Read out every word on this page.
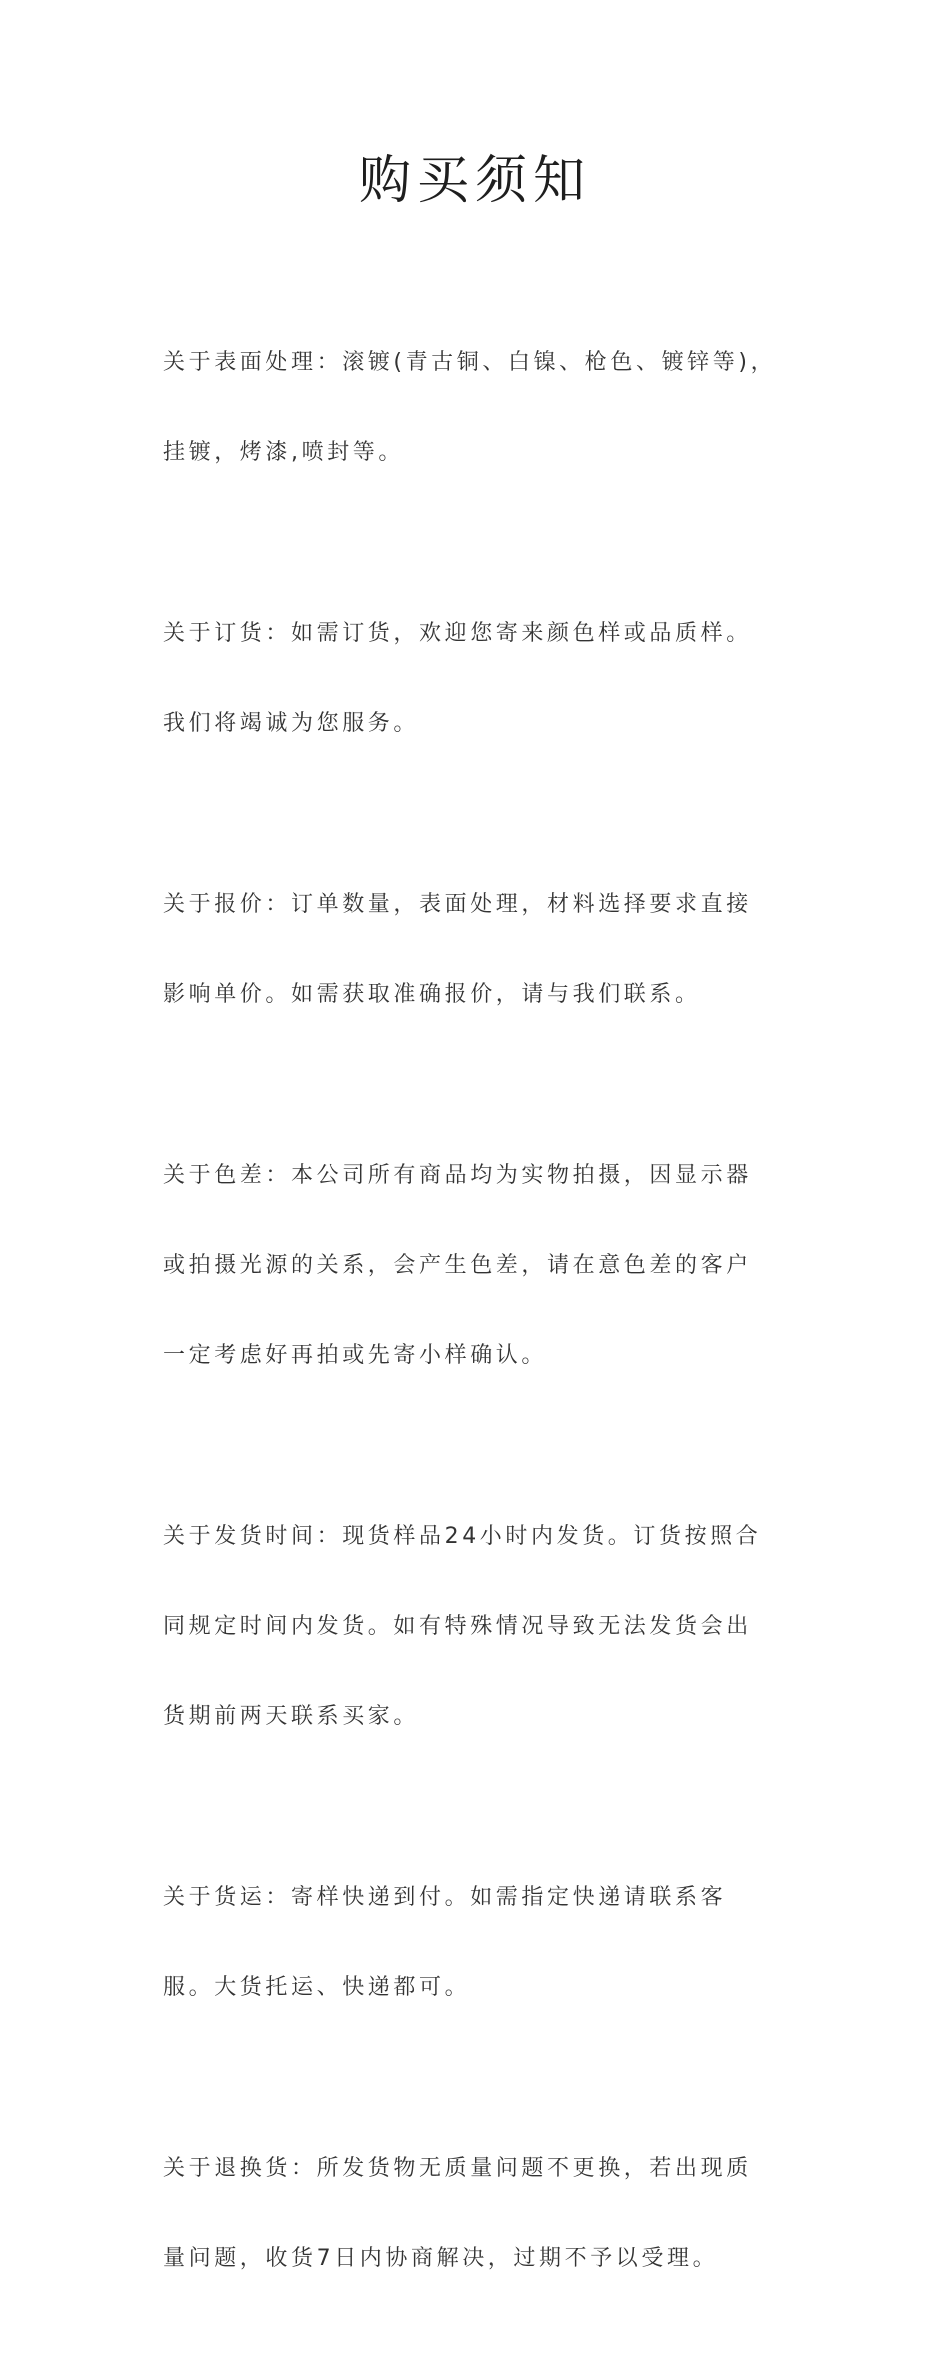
购买须知

关于表面处理：滚镀(青古铜、白镍、枪色、镀锌等)，

挂镀，烤漆,喷封等。

关于订货：如需订货，欢迎您寄来颜色样或品质样。

我们将竭诚为您服务。

关于报价：订单数量，表面处理，材料选择要求直接

影响单价。如需获取准确报价，请与我们联系。

关于色差：本公司所有商品均为实物拍摄，因显示器

或拍摄光源的关系，会产生色差，请在意色差的客户

一定考虑好再拍或先寄小样确认。

关于发货时间：现货样品24小时内发货。订货按照合

同规定时间内发货。如有特殊情况导致无法发货会出

货期前两天联系买家。

关于货运：寄样快递到付。如需指定快递请联系客

服。大货托运、快递都可。

关于退换货：所发货物无质量问题不更换，若出现质

量问题，收货7日内协商解决，过期不予以受理。
